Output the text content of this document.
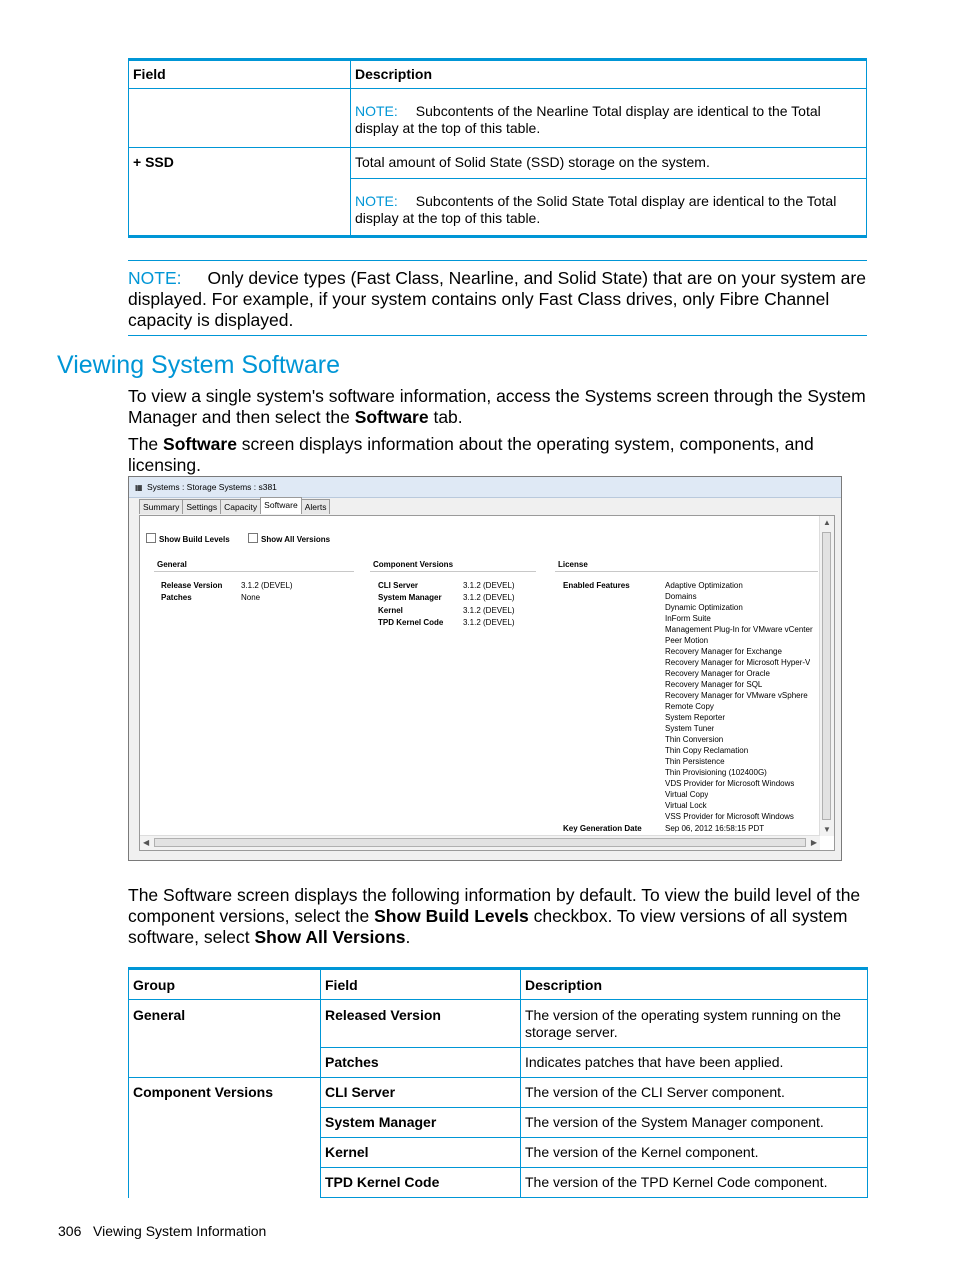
Field	Description
	NOTE: Subcontents of the Nearline Total display are identical to the Total display at the top of this table.
+ SSD	Total amount of Solid State (SSD) storage on the system.
	NOTE: Subcontents of the Solid State Total display are identical to the Total display at the top of this table.
NOTE: Only device types (Fast Class, Nearline, and Solid State) that are on your system are displayed. For example, if your system contains only Fast Class drives, only Fibre Channel capacity is displayed.
Viewing System Software
To view a single system's software information, access the Systems screen through the System Manager and then select the Software tab.
The Software screen displays information about the operating system, components, and licensing.
▦ Systems : Storage Systems : s381
Summary Settings Capacity Software Alerts
Show Build Levels	Show All Versions
General
Release Version 3.1.2 (DEVEL)
Patches	None
Component Versions
CLI Server	3.1.2 (DEVEL)
System Manager	3.1.2 (DEVEL)
Kernel	3.1.2 (DEVEL)
TPD Kernel Code 3.1.2 (DEVEL)
License
Enabled Features	Adaptive Optimization
Domains
Dynamic Optimization
InForm Suite
Management Plug-In for VMware vCenter
Peer Motion
Recovery Manager for Exchange
Recovery Manager for Microsoft Hyper-V
Recovery Manager for Oracle
Recovery Manager for SQL
Recovery Manager for VMware vSphere
Remote Copy
System Reporter
System Tuner
Thin Conversion
Thin Copy Reclamation
Thin Persistence
Thin Provisioning (102400G)
VDS Provider for Microsoft Windows
Virtual Copy
Virtual Lock
VSS Provider for Microsoft Windows
Key Generation Date	Sep 06, 2012 16:58:15 PDT
▲
▼
◀	▶
The Software screen displays the following information by default. To view the build level of the component versions, select the Show Build Levels checkbox. To view versions of all system software, select Show All Versions.
Group	Field	Description
General	Released Version	The version of the operating system running on the storage server.
	Patches	Indicates patches that have been applied.
Component Versions	CLI Server	The version of the CLI Server component.
	System Manager	The version of the System Manager component.
	Kernel	The version of the Kernel component.
	TPD Kernel Code	The version of the TPD Kernel Code component.
306 Viewing System Information
